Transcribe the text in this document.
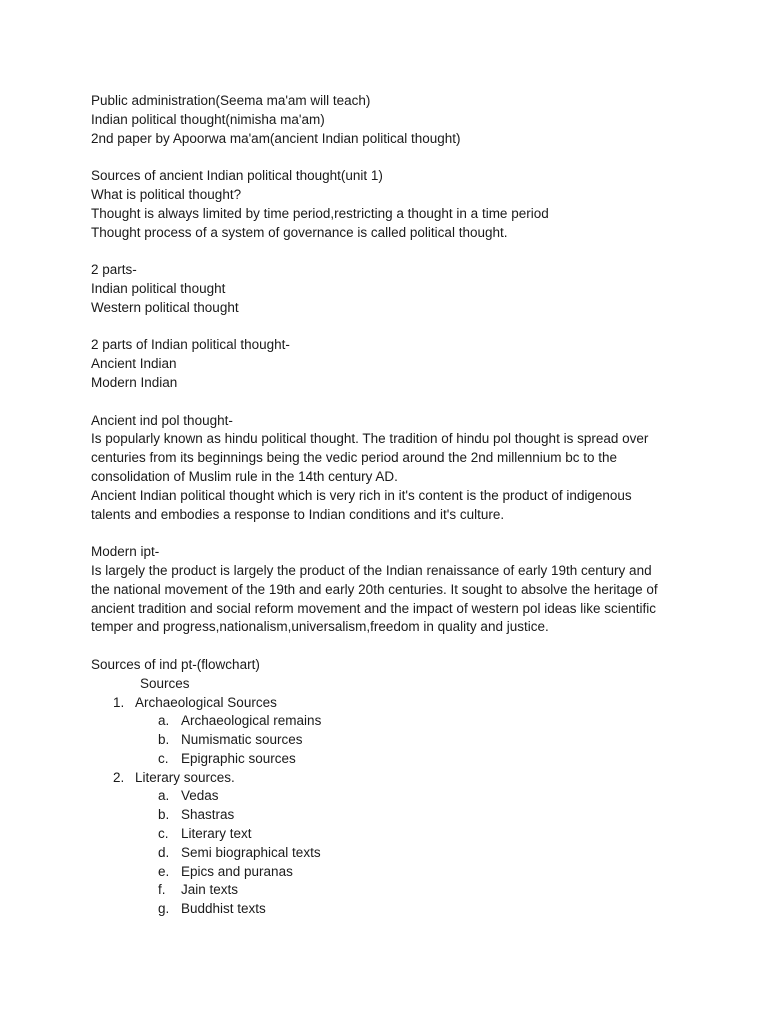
Public administration(Seema ma'am will teach)
Indian political thought(nimisha ma'am)
2nd paper by Apoorwa ma'am(ancient Indian political thought)
Sources of ancient Indian political thought(unit 1)
What is political thought?
Thought is always limited by time period,restricting a thought in a time period
Thought process of a system of governance is called political thought.
2 parts-
Indian political thought
Western political thought
2 parts of Indian political thought-
Ancient Indian
Modern Indian
Ancient ind pol thought-
Is popularly known as hindu political thought. The tradition of hindu pol thought is spread over
centuries from its beginnings being the vedic period around the 2nd millennium bc to the
consolidation of Muslim rule in the 14th century AD.
Ancient Indian political thought which is very rich in it's content is the product of indigenous
talents and embodies a response to Indian conditions and it's culture.
Modern ipt-
Is largely the product is largely the product of the Indian renaissance of early 19th century and
the national movement of the 19th and early 20th centuries. It sought to absolve the heritage of
ancient tradition and social reform movement and the impact of western pol ideas like scientific
temper and progress,nationalism,universalism,freedom in quality and justice.
Sources of ind pt-(flowchart)
Sources
1. Archaeological Sources
a. Archaeological remains
b. Numismatic sources
c. Epigraphic sources
2. Literary sources.
a. Vedas
b. Shastras
c. Literary text
d. Semi biographical texts
e. Epics and puranas
f. Jain texts
g. Buddhist texts
